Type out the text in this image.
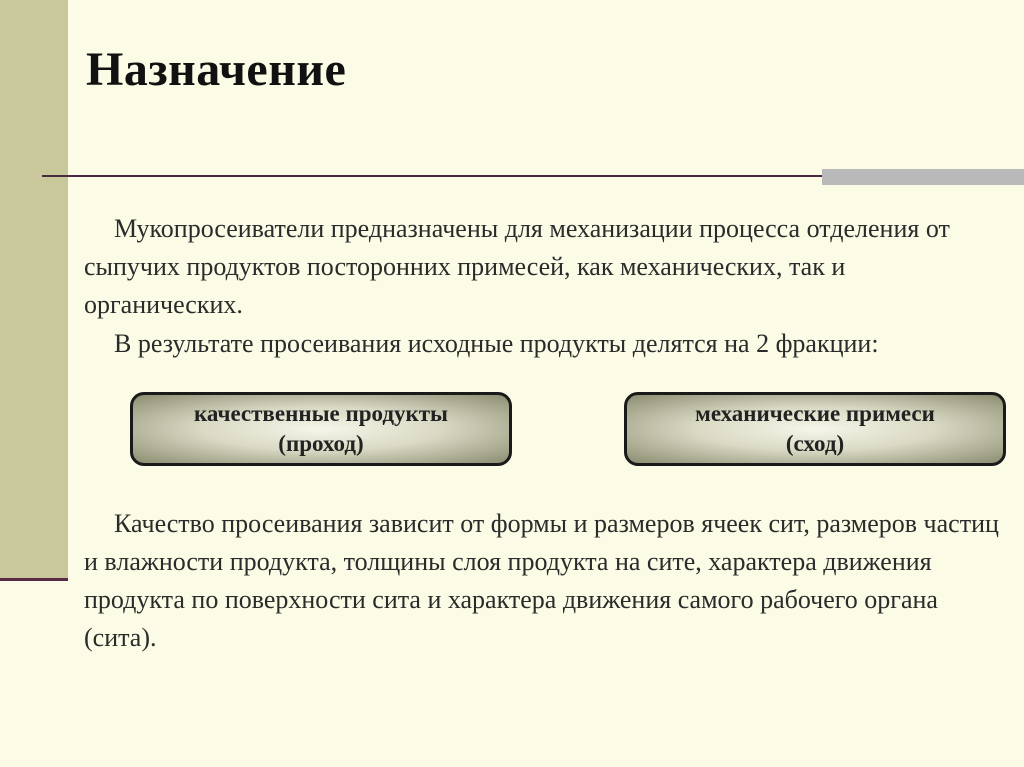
Назначение

Мукопросеиватели предназначены для механизации процесса отделения от сыпучих продуктов посторонних примесей, как механических, так и органических.

В результате просеивания исходные продукты делятся на 2 фракции:

качественные продукты
(проход)
механические примеси
(сход)

Качество просеивания зависит от формы и размеров ячеек сит, размеров частиц и влажности продукта, толщины слоя продукта на сите, характера движения продукта по поверхности сита и характера движения самого рабочего органа (сита).
